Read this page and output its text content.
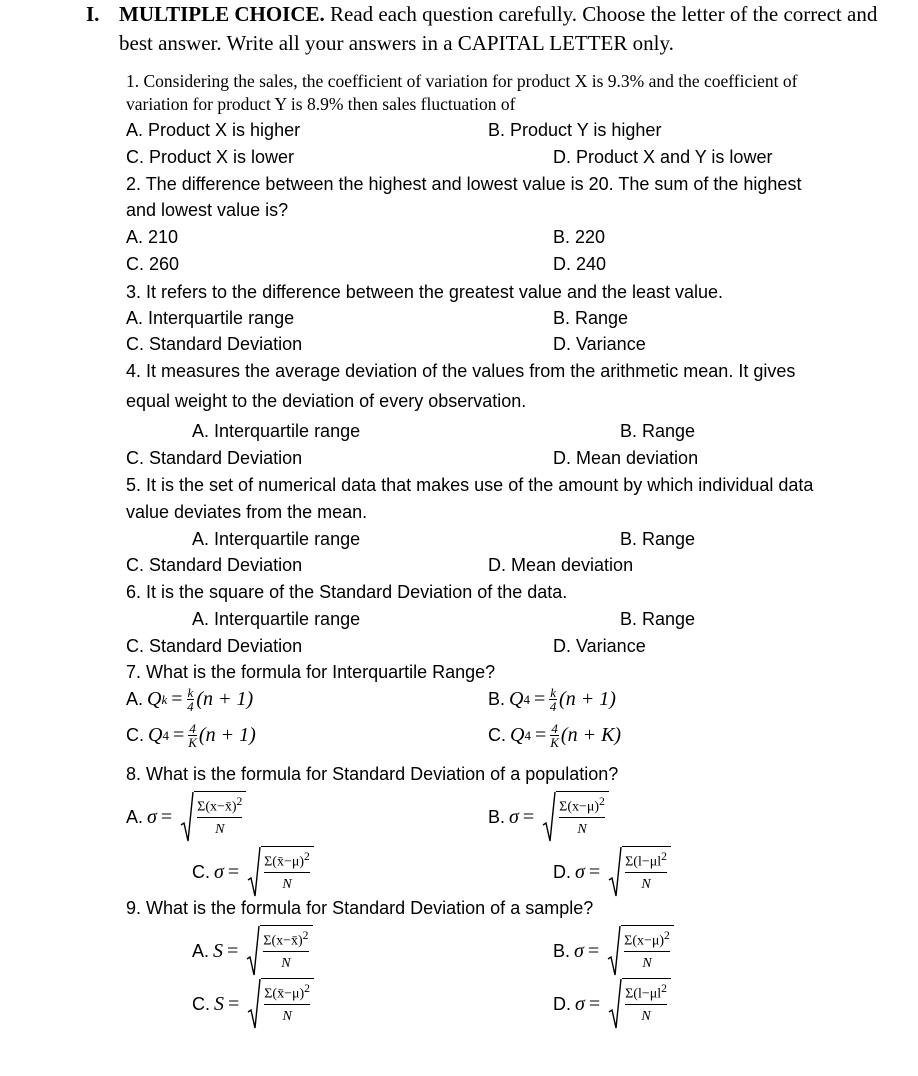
I. MULTIPLE CHOICE. Read each question carefully. Choose the letter of the correct and
best answer. Write all your answers in a CAPITAL LETTER only.
1. Considering the sales, the coefficient of variation for product X is 9.3% and the coefficient of
variation for product Y is 8.9% then sales fluctuation of
A. Product X is higher	B. Product Y is higher
C. Product X is lower	D. Product X and Y is lower
2. The difference between the highest and lowest value is 20. The sum of the highest
and lowest value is?
A. 210	B. 220
C. 260	D. 240
3. It refers to the difference between the greatest value and the least value.
A. Interquartile range	B. Range
C. Standard Deviation	D. Variance
4. It measures the average deviation of the values from the arithmetic mean. It gives
equal weight to the deviation of every observation.
A. Interquartile range	B. Range
C. Standard Deviation	D. Mean deviation
5. It is the set of numerical data that makes use of the amount by which individual data
value deviates from the mean.
A. Interquartile range	B. Range
C. Standard Deviation	D. Mean deviation
6. It is the square of the Standard Deviation of the data.
A. Interquartile range	B. Range
C. Standard Deviation	D. Variance
7. What is the formula for Interquartile Range?
A. Q $k = \frac{k}{4} (n + 1)$	B. Q $4 = \frac{k}{4} (n + 1)$
C. Q $4 = \frac{4}{K} (n + 1)$	C. Q $4 = \frac{4}{K} (n + K)$
8. What is the formula for Standard Deviation of a population?
A. σ = Σ(x−x̄)$^2$
N
B. $\sigma = \Sigma(x-\mu)^2$
N
C. σ = Σ(x̄−μ)$^2$
N
D. $\sigma = \Sigma(l-\mu l^2$
N
9. What is the formula for Standard Deviation of a sample?
A. S = Σ(x−x̄)$^2$
N
B. $\sigma = \Sigma(x-\mu)^2$
N
C. S = Σ(x̄−μ)$^2$
N
D. $\sigma = \Sigma(l-\mu l^2$
N
